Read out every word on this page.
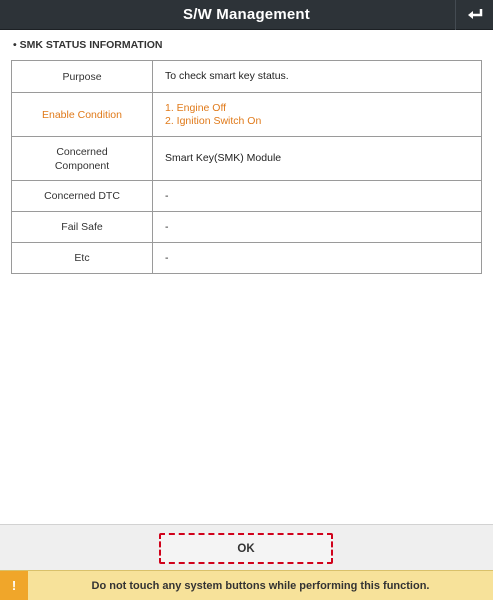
S/W Management
• SMK STATUS INFORMATION
Purpose	To check smart key status.
Enable Condition	1. Engine Off
2. Ignition Switch On

Concerned
Component	Smart Key(SMK) Module
Concerned DTC	-
Fail Safe	-
Etc	-
OK
!	Do not touch any system buttons while performing this function.
